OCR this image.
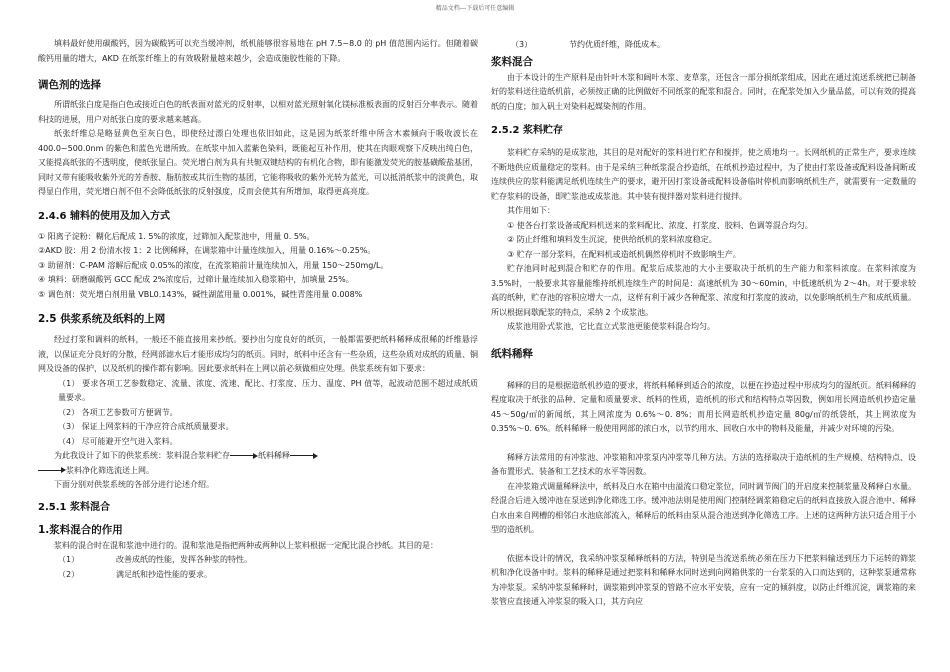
精品文档---下载后可任意编辑

填料最好使用碳酸钙，因为碳酸钙可以充当缓冲剂，纸机能够很容易地在 pH 7.5~8.0 的 pH 值范围内运行。但随着碳酸钙用量的增大，AKD 在纸浆纤维上的有效吸附量越来越少，会造成施胶性能的下降。

调色剂的选择

所谓纸张白度是指白色或接近白色的纸表面对蓝光的反射率，以相对蓝光照射氧化镁标准板表面的反射百分率表示。随着科技的进展，用户对纸张白度的要求越来越高。

纸张纤维总是略显黄色至灰白色，即使经过漂白处理也依旧如此，这是因为纸浆纤维中所含木素倾向于吸收波长在 400.0~500.0nm 的紫色和蓝色光谱所致。在纸浆中加入蓝紫色染料，既能起互补作用，使其在肉眼观察下反映出纯白色，又能提高纸张的不透明度，使纸张显白。荧光增白剂为具有共轭双键结构的有机化合物，即有能激发荧光的胺基磺酸盐基团，同时又带有能吸收紫外光的芳香胺、脂肪胺或其衍生物的基团，它能将吸收的紫外光转为蓝光，可以抵消纸浆中的淡黄色，取得显白作用，荧光增白剂不但不会降低纸张的反射强度，反而会使其有所增加，取得更高亮度。

2.4.6 辅料的使用及加入方式

① 阳离子淀粉：糊化后配成 1. 5%的浓度，过筛加入配浆池中，用量 0. 5%。

②AKD 胶：用 2 份清水按 1：2 比例稀释，在调浆箱中计量连续加入，用量 0.16%～0.25%。

③ 助留剂：C-PAM 溶解后配成 0.05%的浓度，在流浆箱前计量连续加入，用量 150～250mg/L。

④ 填料：研磨碳酸钙 GCC 配成 2%浓度后，过筛计量连续加入稳浆箱中，加填量 25%。

⑤ 调色剂：荧光增白剂用量 VBL0.143%，碱性湖蓝用量 0.001%，碱性青莲用量 0.008%

2.5 供浆系统及纸料的上网

经过打浆和调料的纸料，一般还不能直接用来抄纸。要抄出匀度良好的纸页，一般都需要把纸料稀释成很稀的纤维悬浮液，以保证充分良好的分散，经网部滤水后才能形成均匀的纸页。同时，纸料中还含有一些杂质，这些杂质对成纸的质量、铜网及设备的保护，以及纸机的操作都有影响。因此要求纸料在上网以前必须做相应处理。供浆系统有如下要求：

（1） 要求各项工艺参数稳定、流量、浓度、流速、配比、打浆度、压力、温度、PH 值等，起波动范围不超过成纸质量要求。

（2） 各项工艺参数可方便调节。

（3） 保证上网浆料的干净应符合成纸质量要求。

（4） 尽可能避开空气进入浆料。

为此我设计了如下的供浆系统：浆料混合浆料贮存	纸料稀释

浆料净化筛选流送上网。

下面分别对供浆系统的各部分进行论述介绍。

2.5.1 浆料混合
1.浆料混合的作用

浆料的混合时在混和浆池中进行的。混和浆池是指把两种或两种以上浆料根据一定配比混合抄纸。其目的是：

（1）	改善成纸的性能，发挥各种浆的特性。

（2）	满足纸和抄造性能的要求。

（3）	节约优质纤维，降低成本。

浆料混合

由于本设计的生产原料是由针叶木浆和阔叶木浆、麦草浆，还包含一部分损纸浆组成，因此在通过流送系统把已制备好的浆料送往造纸机前，必须按正确的比例做好不同纸浆的配浆和混合。同时，在配浆处加入少量品蓝，可以有效的提高纸的白度；加入矾土对染料起媒染剂的作用。

2.5.2 浆料贮存

浆料贮存采纳的是成浆池，其目的是对配好的浆料进行贮存和搅拌，使之质地均一。长网纸机的正常生产，要求连续不断地供应质量稳定的浆料。由于是采纳三种纸浆混合抄造纸，在纸机抄造过程中，为了使由打浆设备或配料设备间断或连续供应的浆料能满足纸机连续生产的要求，避开因打浆设备或配料设备临时停机而影响纸机生产，就需要有一定数量的贮存浆料的设备，即贮浆池或成浆池。其中装有搅拌器对浆料进行搅拌。

其作用如下：

① 使各台打浆设备或配料机送来的浆料配比、浓度、打浆度、胶料、色调等混合均匀。

② 防止纤维和填料发生沉淀，使供给纸机的浆料浓度稳定。

③ 贮存一部分浆料，在配料机或造纸机偶然停机时不致影响生产。

贮存池同时起到混合和贮存的作用。配浆后成浆池的大小主要取决于纸机的生产能力和浆料浓度。在浆料浓度为 3.5%时，一般要求其容量能维持纸机连续生产的时间是：高速纸机为 30～60min，中低速纸机为 2～4h。对于要求较高的纸种，贮存池的容积应增大一点，这样有利于减少各种配浆、浓度和打浆度的波动，以免影响纸机生产和成纸质量。所以根据间歇配浆的特点，采纳 2 个成浆池。

成浆池用卧式浆池，它比直立式浆池更能使浆料混合均匀。

纸料稀释

稀释的目的是根据造纸机抄造的要求，将纸料稀释到适合的浓度，以便在抄造过程中形成均匀的湿纸页。纸料稀释的程度取决于纸张的品种、定量和质量要求、纸料的性质，造纸机的形式和结构特点等因数，例如用长网造纸机抄造定量 45～50g/㎡的新闻纸，其上网浓度为 0.6%～0. 8%；而用长网造纸机抄造定量 80g/㎡的纸袋纸，其上网浓度为 0.35%～0. 6%。纸料稀释一般使用网部的浓白水，以节约用水、回收白水中的物料及能量，并减少对环境的污染。

稀释方法常用的有冲浆池、冲浆箱和冲浆泵内冲浆等几种方法。方法的选择取决于造纸机的生产规模、结构特点、设备布置形式、装备和工艺技术的水平等因数。

在冲浆箱式调量稀释法中，纸料及白水在箱中由溢流口稳定浆位，同时调节阀门的开启度来控制浆量及稀释白水量。经混合后进入缓冲池在泵送到净化筛选工序。缓冲池法则是使用阀门控制经调浆箱稳定后的纸料直接放入混合池中、稀释白水由来自网槽的相邻白水池底部流入，稀释后的纸料由泵从混合池送到净化筛选工序。上述的这两种方法只适合用于小型的造纸机。

依据本设计的情况，我采纳冲浆泵稀释纸料的方法，特别是当流送系统必须在压力下把浆料输送到压力下运转的筛浆机和净化设备中时。浆料的稀释是通过把浆料和稀释水同时送到向网箱供浆的一台浆泵的入口而达到的，这种浆泵通常称为冲浆泵。采纳冲浆泵稀释时，调浆箱到冲浆泵的管路不应水平安装，应有一定的倾斜度，以防止纤维沉淀，调浆箱的来浆管应直接通入冲浆泵的吸入口，其方向应
